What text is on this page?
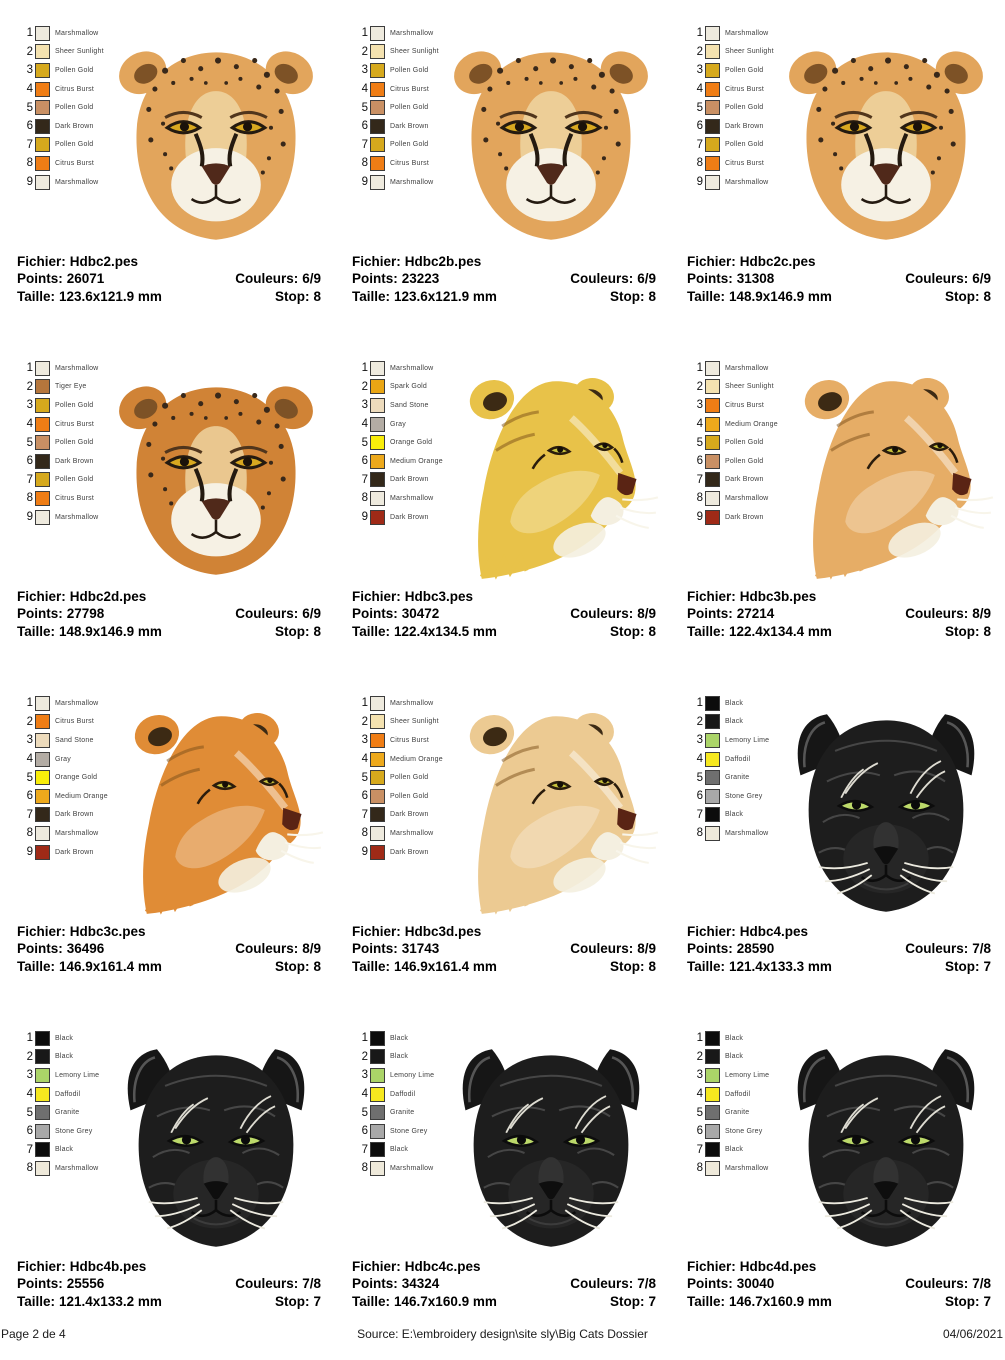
1	Marshmallow
2	Sheer Sunlight
3	Pollen Gold
4	Citrus Burst
5	Pollen Gold
6	Dark Brown
7	Pollen Gold
8	Citrus Burst
9	Marshmallow
Fichier: Hdbc2.pes
Points: 26071
Taille: 123.6x121.9 mm
Couleurs: 6/9
Stop: 8
1	Marshmallow
2	Sheer Sunlight
3	Pollen Gold
4	Citrus Burst
5	Pollen Gold
6	Dark Brown
7	Pollen Gold
8	Citrus Burst
9	Marshmallow
Fichier: Hdbc2b.pes
Points: 23223
Taille: 123.6x121.9 mm
Couleurs: 6/9
Stop: 8
1	Marshmallow
2	Sheer Sunlight
3	Pollen Gold
4	Citrus Burst
5	Pollen Gold
6	Dark Brown
7	Pollen Gold
8	Citrus Burst
9	Marshmallow
Fichier: Hdbc2c.pes
Points: 31308
Taille: 148.9x146.9 mm
Couleurs: 6/9
Stop: 8
1	Marshmallow
2	Tiger Eye
3	Pollen Gold
4	Citrus Burst
5	Pollen Gold
6	Dark Brown
7	Pollen Gold
8	Citrus Burst
9	Marshmallow
Fichier: Hdbc2d.pes
Points: 27798
Taille: 148.9x146.9 mm
Couleurs: 6/9
Stop: 8
1	Marshmallow
2	Spark Gold
3	Sand Stone
4	Gray
5	Orange Gold
6	Medium Orange
7	Dark Brown
8	Marshmallow
9	Dark Brown
Fichier: Hdbc3.pes
Points: 30472
Taille: 122.4x134.5 mm
Couleurs: 8/9
Stop: 8
1	Marshmallow
2	Sheer Sunlight
3	Citrus Burst
4	Medium Orange
5	Pollen Gold
6	Pollen Gold
7	Dark Brown
8	Marshmallow
9	Dark Brown
Fichier: Hdbc3b.pes
Points: 27214
Taille: 122.4x134.4 mm
Couleurs: 8/9
Stop: 8
1	Marshmallow
2	Citrus Burst
3	Sand Stone
4	Gray
5	Orange Gold
6	Medium Orange
7	Dark Brown
8	Marshmallow
9	Dark Brown
Fichier: Hdbc3c.pes
Points: 36496
Taille: 146.9x161.4 mm
Couleurs: 8/9
Stop: 8
1	Marshmallow
2	Sheer Sunlight
3	Citrus Burst
4	Medium Orange
5	Pollen Gold
6	Pollen Gold
7	Dark Brown
8	Marshmallow
9	Dark Brown
Fichier: Hdbc3d.pes
Points: 31743
Taille: 146.9x161.4 mm
Couleurs: 8/9
Stop: 8
1	Black
2	Black
3	Lemony Lime
4	Daffodil
5	Granite
6	Stone Grey
7	Black
8	Marshmallow
Fichier: Hdbc4.pes
Points: 28590
Taille: 121.4x133.3 mm
Couleurs: 7/8
Stop: 7
1	Black
2	Black
3	Lemony Lime
4	Daffodil
5	Granite
6	Stone Grey
7	Black
8	Marshmallow
Fichier: Hdbc4b.pes
Points: 25556
Taille: 121.4x133.2 mm
Couleurs: 7/8
Stop: 7
1	Black
2	Black
3	Lemony Lime
4	Daffodil
5	Granite
6	Stone Grey
7	Black
8	Marshmallow
Fichier: Hdbc4c.pes
Points: 34324
Taille: 146.7x160.9 mm
Couleurs: 7/8
Stop: 7
1	Black
2	Black
3	Lemony Lime
4	Daffodil
5	Granite
6	Stone Grey
7	Black
8	Marshmallow
Fichier: Hdbc4d.pes
Points: 30040
Taille: 146.7x160.9 mm
Couleurs: 7/8
Stop: 7
Page 2 de 4	Source: E:\embroidery design\site sly\Big Cats Dossier	04/06/2021
